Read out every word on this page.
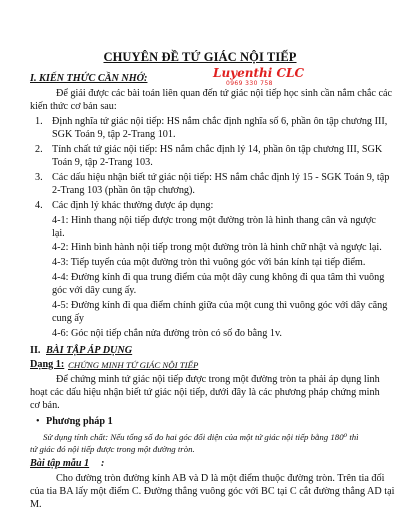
CHUYÊN ĐỀ TỨ GIÁC NỘI TIẾP
Luyenthi CLC
0969 330 758
I. KIẾN THỨC CẦN NHỚ:
Để giải được các bài toán liên quan đến tứ giác nội tiếp học sinh cần nắm chắc các
kiến thức cơ bản sau:
1. Định nghĩa tứ giác nội tiếp: HS nắm chắc định nghĩa số 6, phần ôn tập chương III,
SGK Toán 9, tập 2-Trang 101.
2. Tính chất tứ giác nội tiếp: HS nắm chắc định lý 14, phần ôn tập chương III, SGK
Toán 9, tập 2-Trang 103.
3. Các dấu hiệu nhận biết tứ giác nội tiếp: HS nắm chắc định lý 15 - SGK Toán 9, tập
2-Trang 103 (phần ôn tập chương).
4. Các định lý khác thường được áp dụng:
4-1: Hình thang nội tiếp được trong một đường tròn là hình thang cân và ngược
lại.
4-2: Hình bình hành nội tiếp trong một đường tròn là hình chữ nhật và ngược lại.
4-3: Tiếp tuyến của một đường tròn thì vuông góc với bán kính tại tiếp điểm.
4-4: Đường kính đi qua trung điểm của một dây cung không đi qua tâm thì vuông
góc với dây cung ấy.
4-5: Đường kính đi qua điểm chính giữa của một cung thì vuông góc với dây căng
cung ấy
4-6: Góc nội tiếp chắn nửa đường tròn có số đo bằng 1v.
II. BÀI TẬP ÁP DỤNG
Dạng 1: CHỨNG MINH TỨ GIÁC NỘI TIẾP
Để chứng minh tứ giác nội tiếp được trong một đường tròn ta phải áp dụng linh
hoạt các dấu hiệu nhận biết tứ giác nội tiếp, dưới đây là các phương pháp chứng minh
cơ bản.
• Phương pháp 1
Sử dụng tính chất: Nếu tổng số đo hai góc đối diện của một tứ giác nội tiếp bằng 180⁰ thì
tứ giác đó nội tiếp được trong một đường tròn.
Bài tập mẫu 1 :
Cho đường tròn đường kính AB và D là một điểm thuộc đường tròn. Trên tia đối
của tia BA lấy một điểm C. Đường thẳng vuông góc với BC tại C cắt đường thẳng AD tại
M.
